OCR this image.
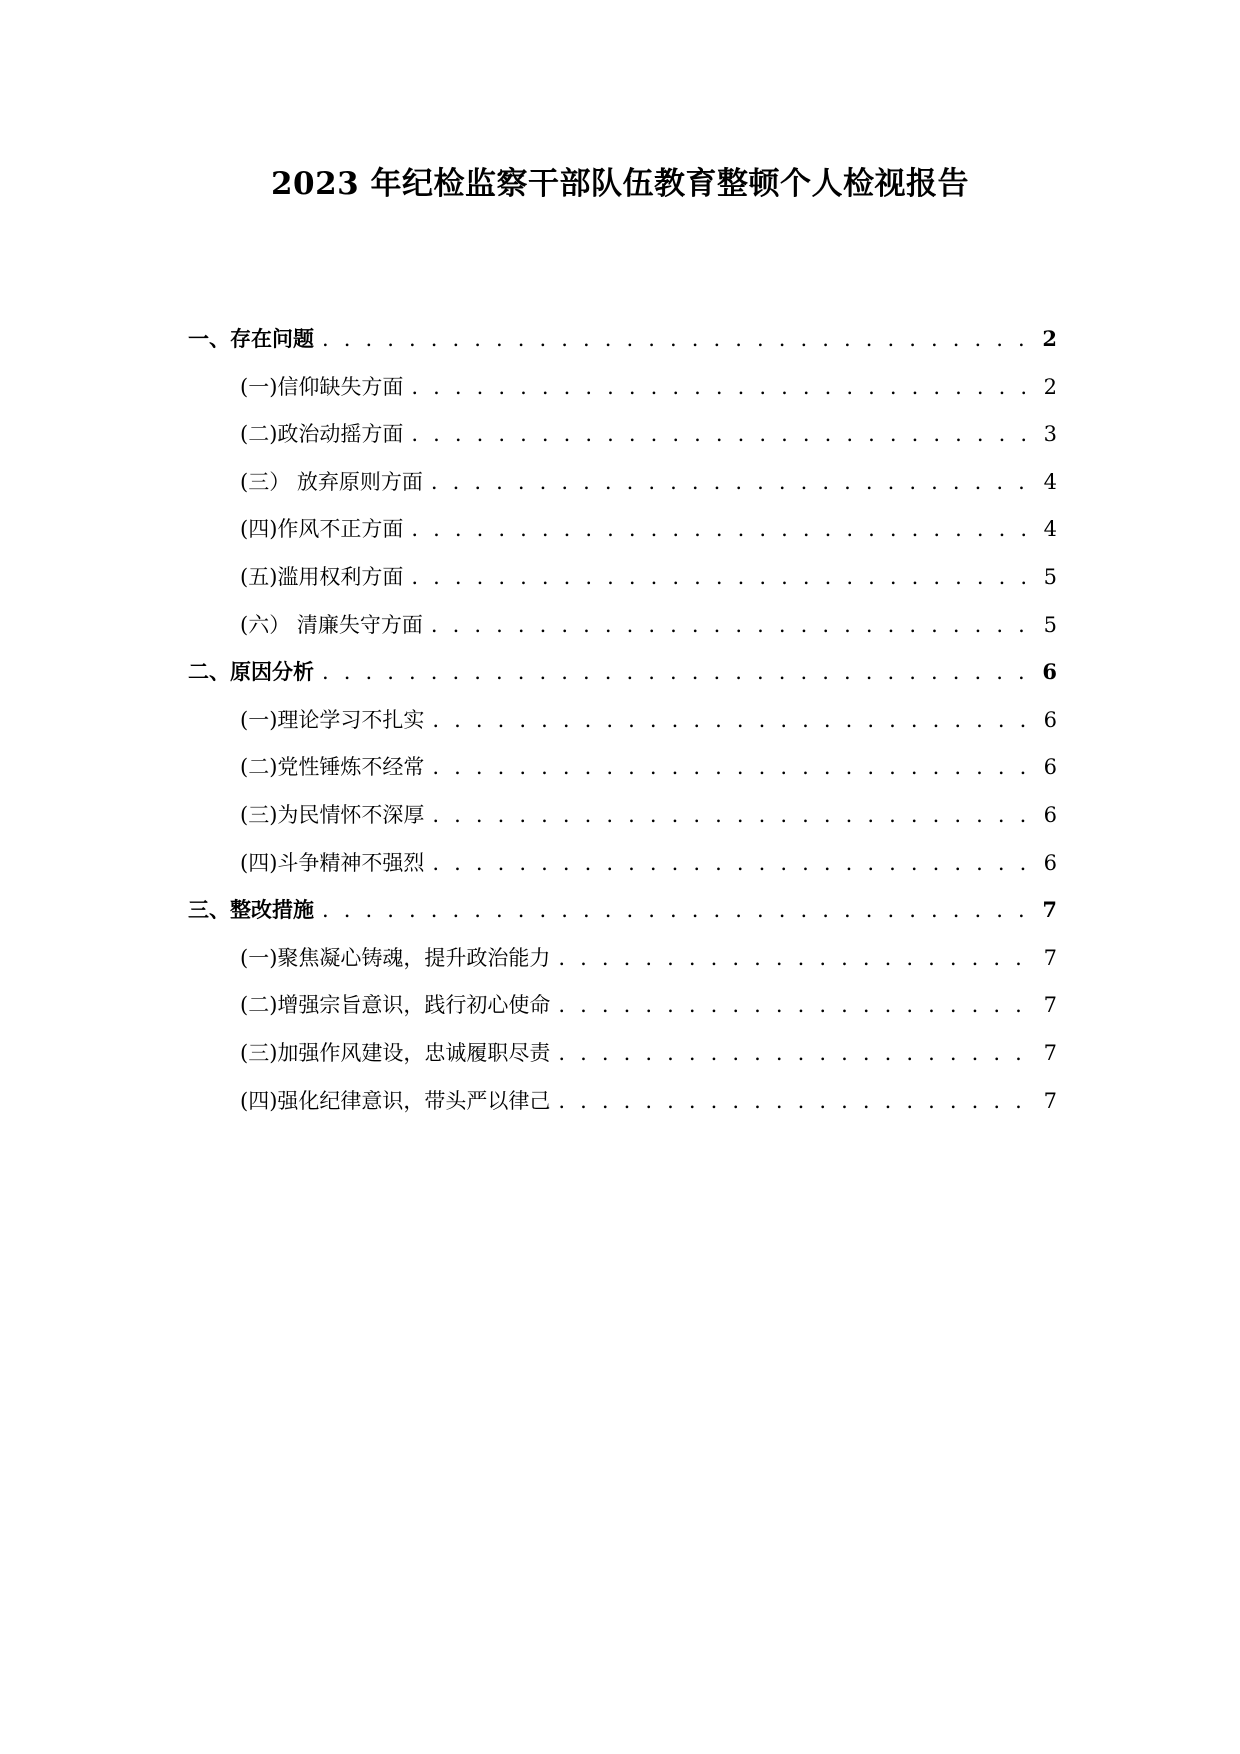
2023 年纪检监察干部队伍教育整顿个人检视报告
一、存在问题 . . .	2
(一)信仰缺失方面 . . .	2
(二)政治动摇方面 . . .	3
(三） 放弃原则方面 . . .	4
(四)作风不正方面 . . .	4
(五)滥用权利方面 . . .	5
(六） 清廉失守方面 . . .	5
二、原因分析 . . .	6
(一)理论学习不扎实 . . .	6
(二)党性锤炼不经常 . . .	6
(三)为民情怀不深厚 . . .	6
(四)斗争精神不强烈 . . .	6
三、整改措施 . . .	7
(一)聚焦凝心铸魂，提升政治能力 . . .	7
(二)增强宗旨意识，践行初心使命 . . .	7
(三)加强作风建设，忠诚履职尽责 . . .	7
(四)强化纪律意识，带头严以律己 . . .	7
